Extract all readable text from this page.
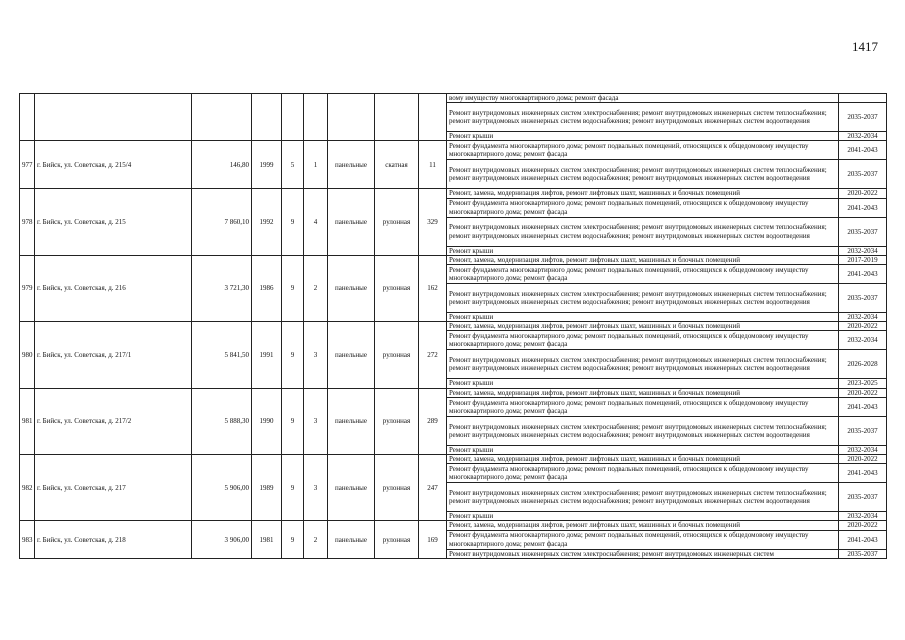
1417
									вому имуществу многоквартирного дома; ремонт фасада	
									Ремонт внутридомовых инженерных систем электроснабжения; ремонт внутридомовых инженерных систем теплоснабжения; ремонт внутридомовых инженерных систем водоснабжения; ремонт внутридомовых инженерных систем водоотведения	2035-2037
									Ремонт крыши	2032-2034
977	г. Бийск, ул. Советская, д. 215/4	146,80	1999	5	1	панельные	скатная	11	Ремонт фундамента многоквартирного дома; ремонт подвальных помещений, относящихся к общедомовому имуществу многоквартирного дома; ремонт фасада	2041-2043
									Ремонт внутридомовых инженерных систем электроснабжения; ремонт внутридомовых инженерных систем теплоснабжения; ремонт внутридомовых инженерных систем водоснабжения; ремонт внутридомовых инженерных систем водоотведения	2035-2037
978	г. Бийск, ул. Советская, д. 215	7 860,10	1992	9	4	панельные	рулонная	329	Ремонт, замена, модернизация лифтов, ремонт лифтовых шахт, машинных и блочных помещений	2020-2022
									Ремонт фундамента многоквартирного дома; ремонт подвальных помещений, относящихся к общедомовому имуществу многоквартирного дома; ремонт фасада	2041-2043
									Ремонт внутридомовых инженерных систем электроснабжения; ремонт внутридомовых инженерных систем теплоснабжения; ремонт внутридомовых инженерных систем водоснабжения; ремонт внутридомовых инженерных систем водоотведения	2035-2037
									Ремонт крыши	2032-2034
979	г. Бийск, ул. Советская, д. 216	3 721,30	1986	9	2	панельные	рулонная	162	Ремонт, замена, модернизация лифтов, ремонт лифтовых шахт, машинных и блочных помещений	2017-2019
									Ремонт фундамента многоквартирного дома; ремонт подвальных помещений, относящихся к общедомовому имуществу многоквартирного дома; ремонт фасада	2041-2043
									Ремонт внутридомовых инженерных систем электроснабжения; ремонт внутридомовых инженерных систем теплоснабжения; ремонт внутридомовых инженерных систем водоснабжения; ремонт внутридомовых инженерных систем водоотведения	2035-2037
									Ремонт крыши	2032-2034
980	г. Бийск, ул. Советская, д. 217/1	5 841,50	1991	9	3	панельные	рулонная	272	Ремонт, замена, модернизация лифтов, ремонт лифтовых шахт, машинных и блочных помещений	2020-2022
									Ремонт фундамента многоквартирного дома; ремонт подвальных помещений, относящихся к общедомовому имуществу многоквартирного дома; ремонт фасада	2032-2034
									Ремонт внутридомовых инженерных систем электроснабжения; ремонт внутридомовых инженерных систем теплоснабжения; ремонт внутридомовых инженерных систем водоснабжения; ремонт внутридомовых инженерных систем водоотведения	2026-2028
									Ремонт крыши	2023-2025
981	г. Бийск, ул. Советская, д. 217/2	5 888,30	1990	9	3	панельные	рулонная	289	Ремонт, замена, модернизация лифтов, ремонт лифтовых шахт, машинных и блочных помещений	2020-2022
									Ремонт фундамента многоквартирного дома; ремонт подвальных помещений, относящихся к общедомовому имуществу многоквартирного дома; ремонт фасада	2041-2043
									Ремонт внутридомовых инженерных систем электроснабжения; ремонт внутридомовых инженерных систем теплоснабжения; ремонт внутридомовых инженерных систем водоснабжения; ремонт внутридомовых инженерных систем водоотведения	2035-2037
									Ремонт крыши	2032-2034
982	г. Бийск, ул. Советская, д. 217	5 906,00	1989	9	3	панельные	рулонная	247	Ремонт, замена, модернизация лифтов, ремонт лифтовых шахт, машинных и блочных помещений	2020-2022
									Ремонт фундамента многоквартирного дома; ремонт подвальных помещений, относящихся к общедомовому имуществу многоквартирного дома; ремонт фасада	2041-2043
									Ремонт внутридомовых инженерных систем электроснабжения; ремонт внутридомовых инженерных систем теплоснабжения; ремонт внутридомовых инженерных систем водоснабжения; ремонт внутридомовых инженерных систем водоотведения	2035-2037
									Ремонт крыши	2032-2034
983	г. Бийск, ул. Советская, д. 218	3 906,00	1981	9	2	панельные	рулонная	169	Ремонт, замена, модернизация лифтов, ремонт лифтовых шахт, машинных и блочных помещений	2020-2022
									Ремонт фундамента многоквартирного дома; ремонт подвальных помещений, относящихся к общедомовому имуществу многоквартирного дома; ремонт фасада	2041-2043
									Ремонт внутридомовых инженерных систем электроснабжения; ремонт внутридомовых инженерных систем	2035-2037
